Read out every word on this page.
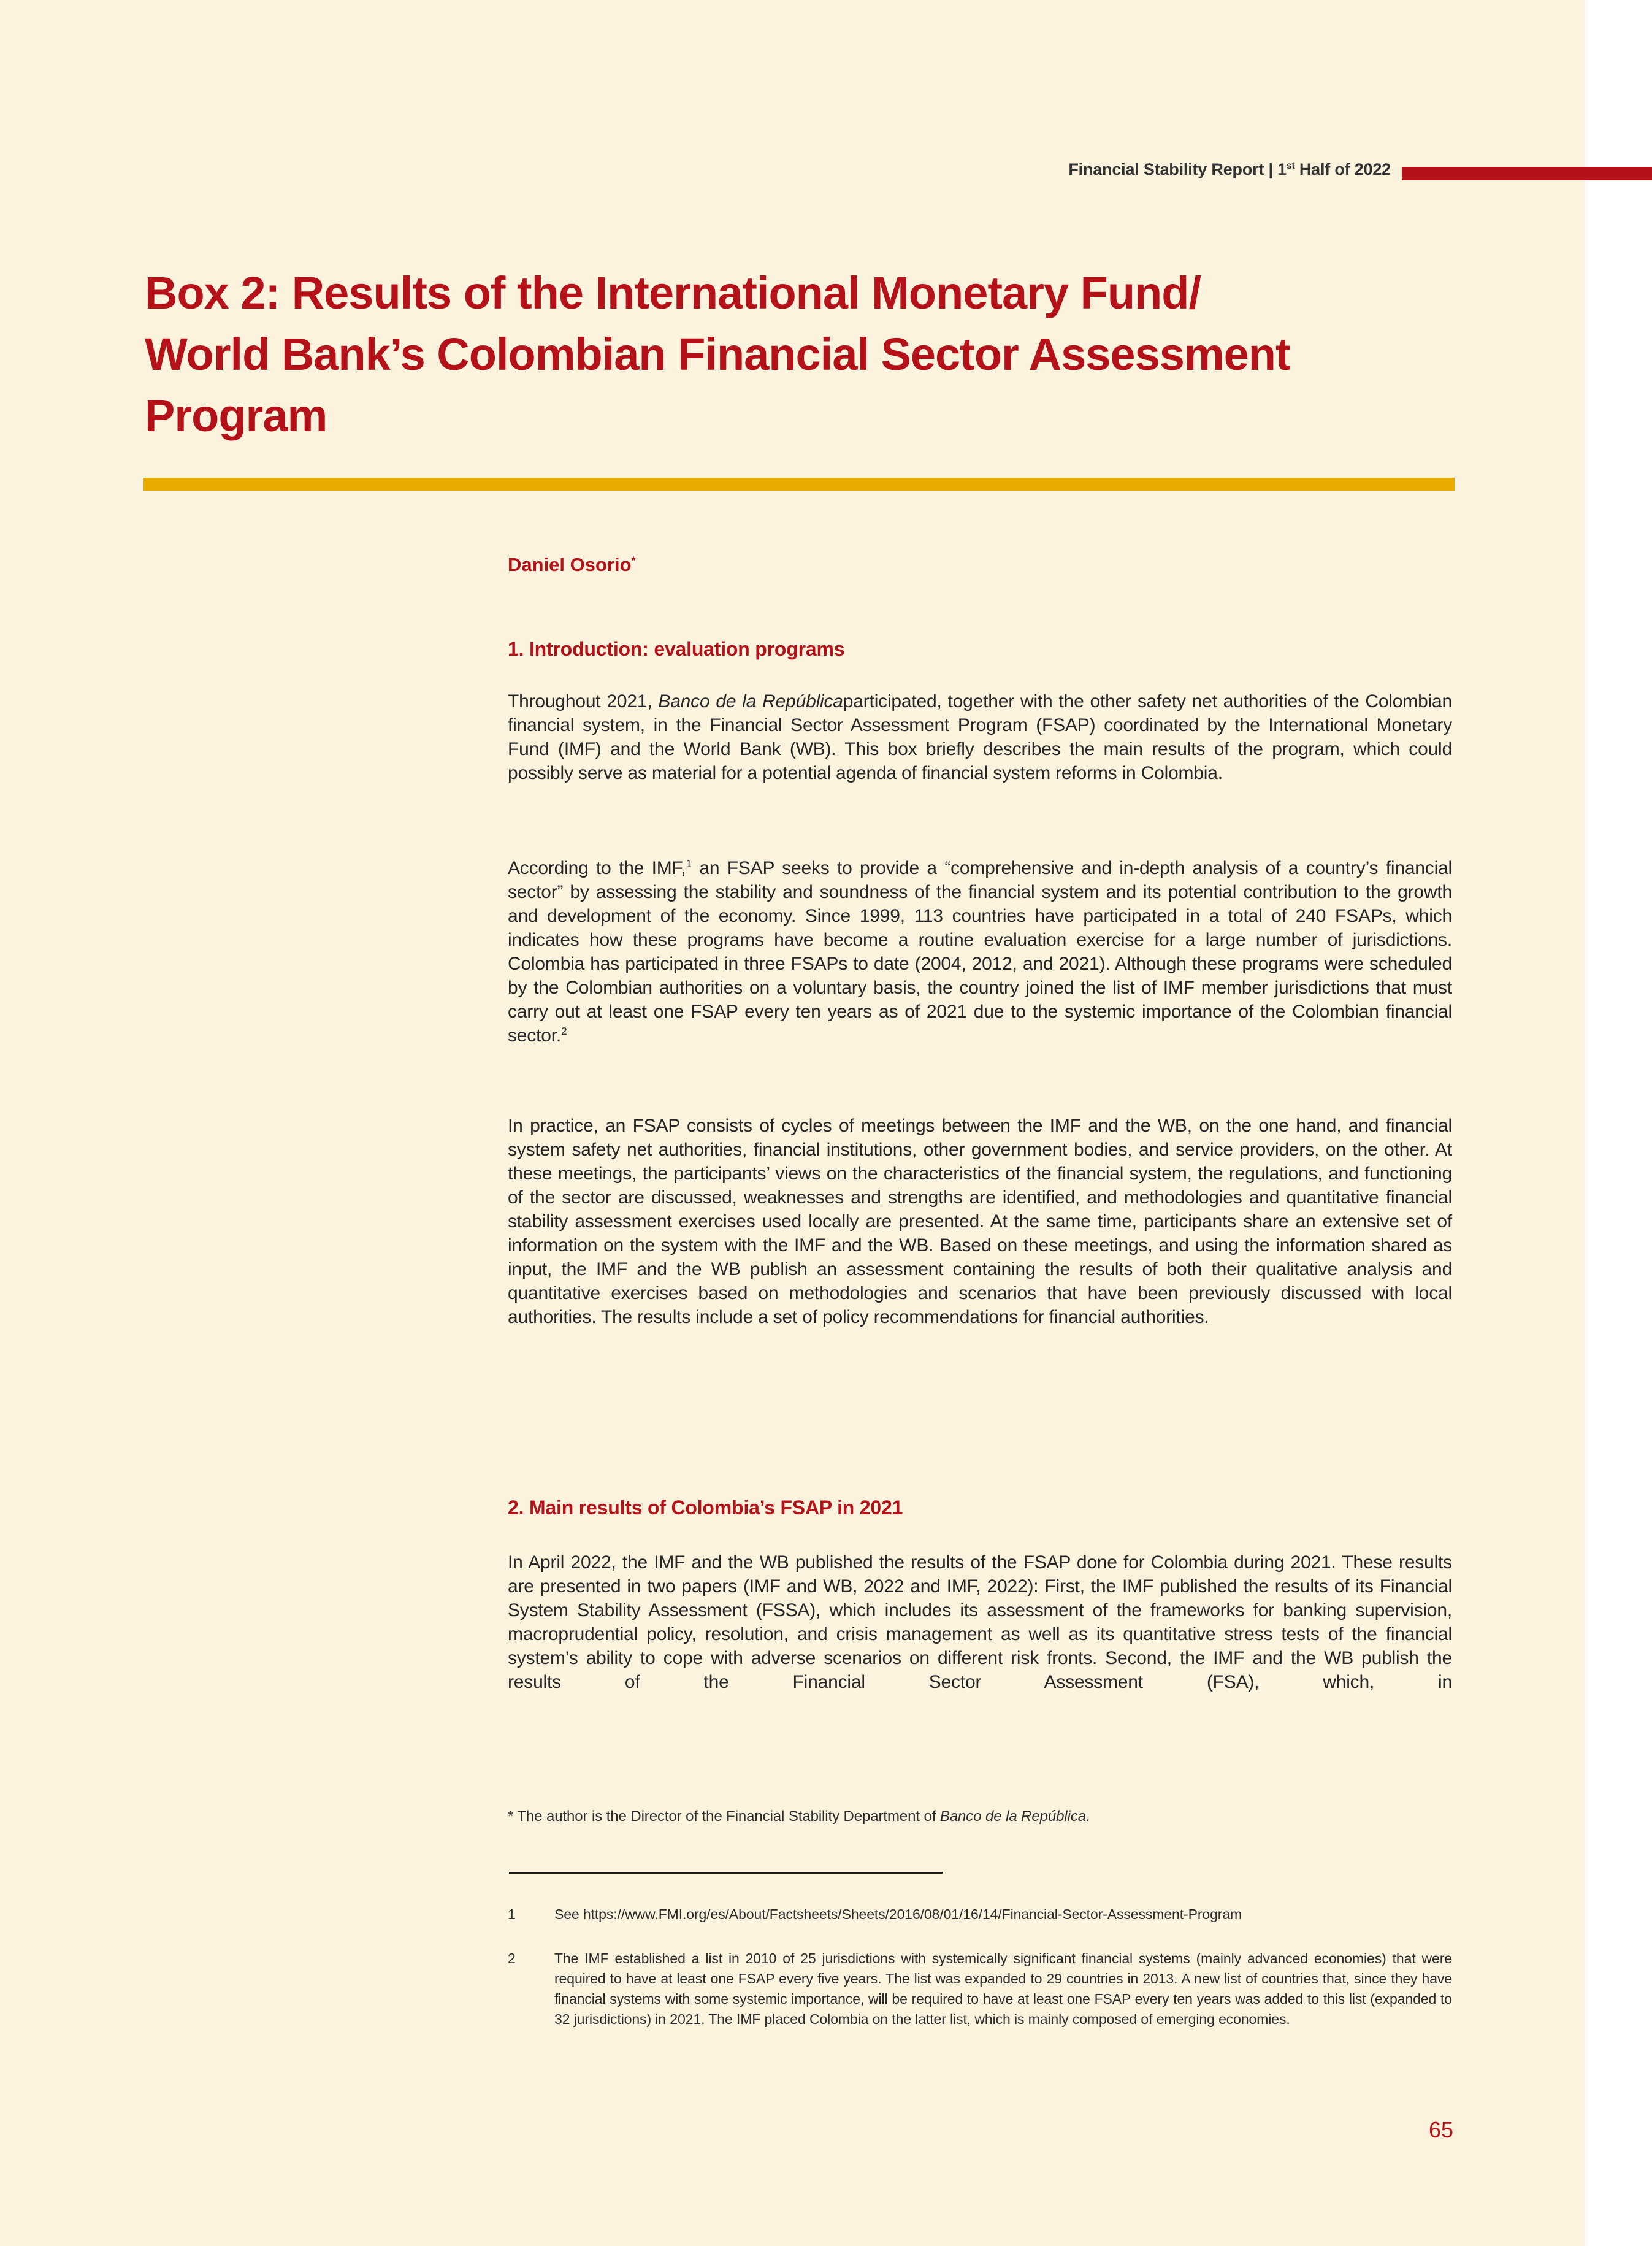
Financial Stability Report | 1st Half of 2022
Box 2: Results of the International Monetary Fund/
World Bank’s Colombian Financial Sector Assessment
Program
Daniel Osorio*
1. Introduction: evaluation programs
Throughout 2021, Banco de la Repúblicaparticipated, together with the other safety net authorities of the Colombian financial system, in the Financial Sector Assessment Program (FSAP) coordinated by the International Monetary Fund (IMF) and the World Bank (WB). This box briefly describes the main results of the program, which could possibly serve as material for a potential agenda of financial system reforms in Colombia.
According to the IMF,$^1$ an FSAP seeks to provide a “comprehensive and in-depth analysis of a country’s financial sector” by assessing the stability and soundness of the financial system and its potential contribution to the growth and development of the economy. Since 1999, 113 countries have participated in a total of 240 FSAPs, which indicates how these programs have become a routine evaluation exercise for a large number of jurisdictions. Colombia has participated in three FSAPs to date (2004, 2012, and 2021). Although these programs were scheduled by the Colombian authorities on a voluntary basis, the country joined the list of IMF member jurisdictions that must carry out at least one FSAP every ten years as of 2021 due to the systemic importance of the Colombian financial sector.$^2$
In practice, an FSAP consists of cycles of meetings between the IMF and the WB, on the one hand, and financial system safety net authorities, financial institutions, other government bodies, and service providers, on the other. At these meetings, the participants’ views on the characteristics of the financial system, the regulations, and functioning of the sector are discussed, weaknesses and strengths are identified, and methodologies and quantitative financial stability assessment exercises used locally are presented. At the same time, participants share an extensive set of information on the system with the IMF and the WB. Based on these meetings, and using the information shared as input, the IMF and the WB publish an assessment containing the results of both their qualitative analysis and quantitative exercises based on methodologies and scenarios that have been previously discussed with local authorities. The results include a set of policy recommendations for financial authorities.
2. Main results of Colombia’s FSAP in 2021
In April 2022, the IMF and the WB published the results of the FSAP done for Colombia during 2021. These results are presented in two papers (IMF and WB, 2022 and IMF, 2022): First, the IMF published the results of its Financial System Stability Assessment (FSSA), which includes its assessment of the frameworks for banking supervision, macroprudential policy, resolution, and crisis management as well as its quantitative stress tests of the financial system’s ability to cope with adverse scenarios on different risk fronts. Second, the IMF and the WB publish the results of the Financial Sector Assessment (FSA), which, in
* The author is the Director of the Financial Stability Department of Banco de la República.
1	See https://www.FMI.org/es/About/Factsheets/Sheets/2016/08/01/16/14/Financial-Sector-Assessment-Program
2	The IMF established a list in 2010 of 25 jurisdictions with systemically significant financial systems (mainly advanced economies) that were required to have at least one FSAP every five years. The list was expanded to 29 countries in 2013. A new list of countries that, since they have financial systems with some systemic importance, will be required to have at least one FSAP every ten years was added to this list (expanded to 32 jurisdictions) in 2021. The IMF placed Colombia on the latter list, which is mainly composed of emerging economies.
65
